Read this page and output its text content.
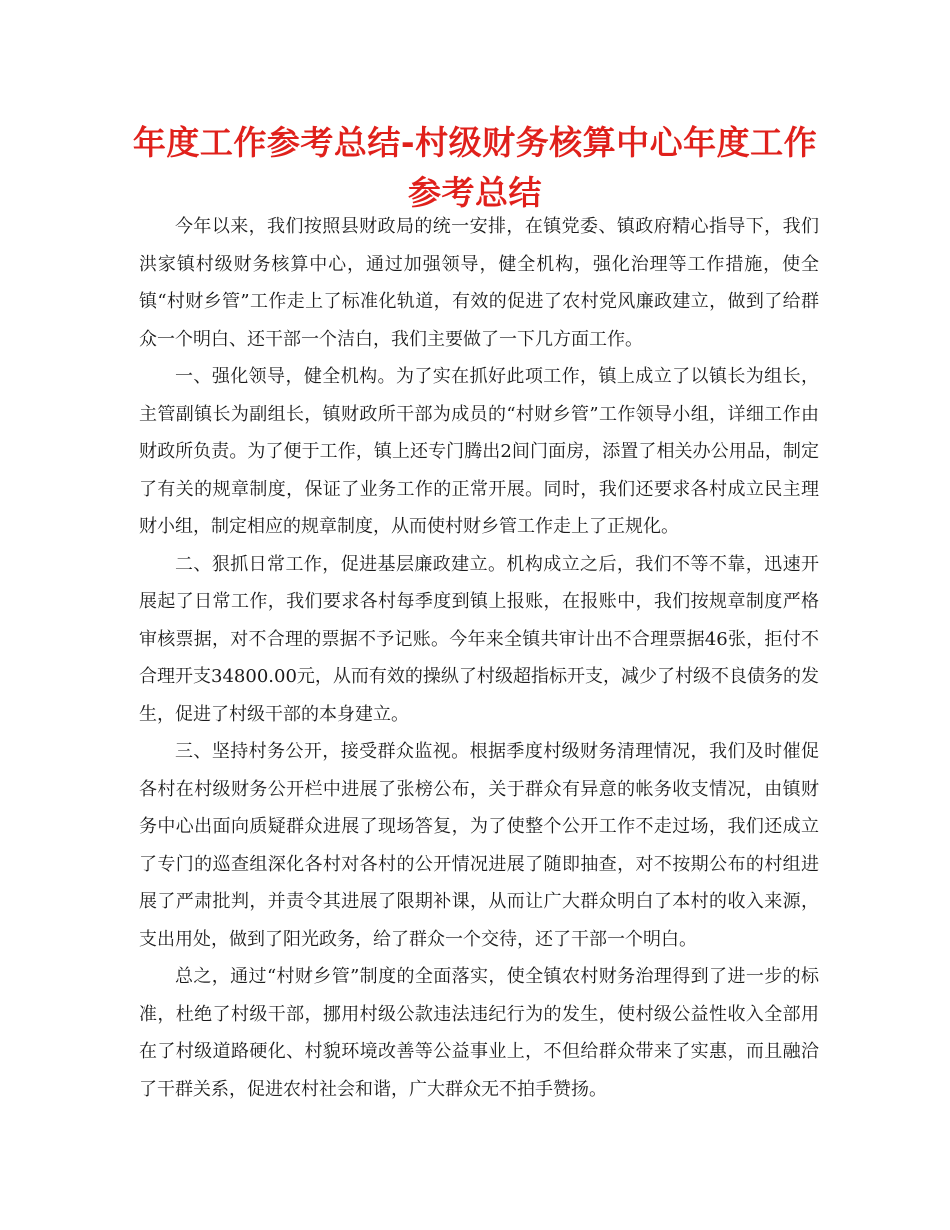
年度工作参考总结-村级财务核算中心年度工作参考总结

今年以来，我们按照县财政局的统一安排，在镇党委、镇政府精心指导下，我们洪家镇村级财务核算中心，通过加强领导，健全机构，强化治理等工作措施，使全镇“村财乡管”工作走上了标准化轨道，有效的促进了农村党风廉政建立，做到了给群众一个明白、还干部一个洁白，我们主要做了一下几方面工作。

一、强化领导，健全机构。为了实在抓好此项工作，镇上成立了以镇长为组长，主管副镇长为副组长，镇财政所干部为成员的“村财乡管”工作领导小组，详细工作由财政所负责。为了便于工作，镇上还专门腾出2间门面房，添置了相关办公用品，制定了有关的规章制度，保证了业务工作的正常开展。同时，我们还要求各村成立民主理财小组，制定相应的规章制度，从而使村财乡管工作走上了正规化。

二、狠抓日常工作，促进基层廉政建立。机构成立之后，我们不等不靠，迅速开展起了日常工作，我们要求各村每季度到镇上报账，在报账中，我们按规章制度严格审核票据，对不合理的票据不予记账。今年来全镇共审计出不合理票据46张，拒付不合理开支34800.00元，从而有效的操纵了村级超指标开支，减少了村级不良债务的发生，促进了村级干部的本身建立。

三、坚持村务公开，接受群众监视。根据季度村级财务清理情况，我们及时催促各村在村级财务公开栏中进展了张榜公布，关于群众有异意的帐务收支情况，由镇财务中心出面向质疑群众进展了现场答复，为了使整个公开工作不走过场，我们还成立了专门的巡查组深化各村对各村的公开情况进展了随即抽查，对不按期公布的村组进展了严肃批判，并责令其进展了限期补课，从而让广大群众明白了本村的收入来源，支出用处，做到了阳光政务，给了群众一个交待，还了干部一个明白。

总之，通过“村财乡管”制度的全面落实，使全镇农村财务治理得到了进一步的标准，杜绝了村级干部，挪用村级公款违法违纪行为的发生，使村级公益性收入全部用在了村级道路硬化、村貌环境改善等公益事业上，不但给群众带来了实惠，而且融洽了干群关系，促进农村社会和谐，广大群众无不拍手赞扬。
